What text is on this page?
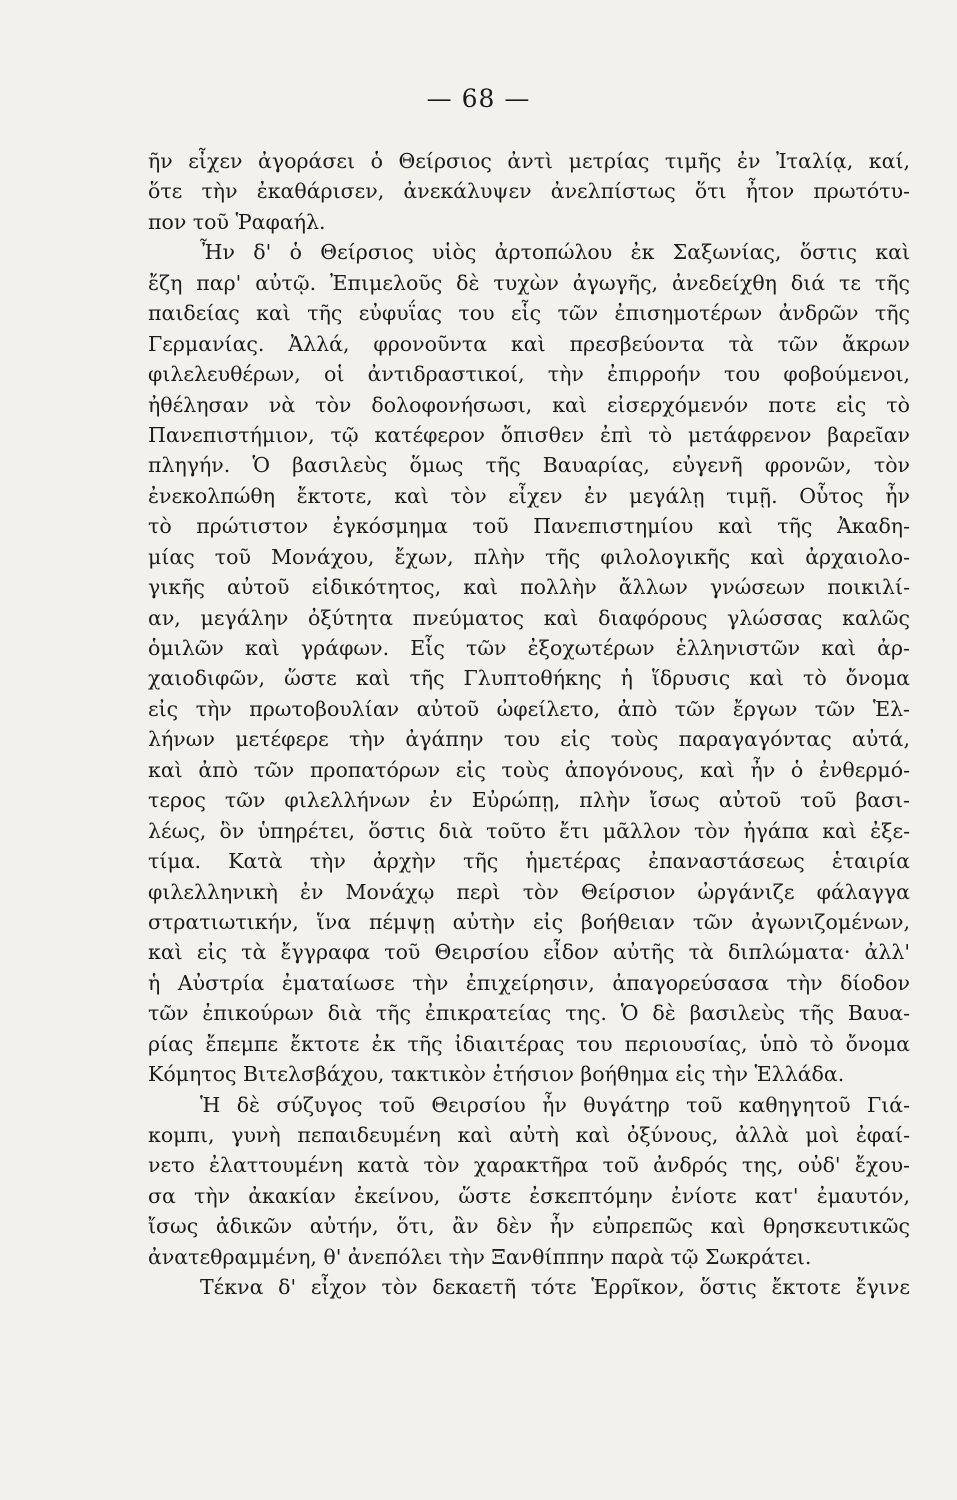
— 68 —
ῆν εἶχεν ἀγοράσει ὁ Θείρσιος ἀντὶ μετρίας τιμῆς ἐν Ἰταλίᾳ, καί,
ὅτε τὴν ἐκαθάρισεν, ἀνεκάλυψεν ἀνελπίστως ὅτι ἦτον πρωτότυ-
πον τοῦ Ῥαφαήλ.
Ἦν δ' ὁ Θείρσιος υἱὸς ἀρτοπώλου ἐκ Σαξωνίας, ὅστις καὶ
ἔζη παρ' αὐτῷ. Ἐπιμελοῦς δὲ τυχὼν ἀγωγῆς, ἀνεδείχθη διά τε τῆς
παιδείας καὶ τῆς εὐφυΐας του εἷς τῶν ἐπισημοτέρων ἀνδρῶν τῆς
Γερμανίας. Ἀλλά, φρονοῦντα καὶ πρεσβεύοντα τὰ τῶν ἄκρων
φιλελευθέρων, οἱ ἀντιδραστικοί, τὴν ἐπιρροήν του φοβούμενοι,
ἠθέλησαν νὰ τὸν δολοφονήσωσι, καὶ εἰσερχόμενόν ποτε εἰς τὸ
Πανεπιστήμιον, τῷ κατέφερον ὄπισθεν ἐπὶ τὸ μετάφρενον βαρεῖαν
πληγήν. Ὁ βασιλεὺς ὅμως τῆς Βαυαρίας, εὐγενῆ φρονῶν, τὸν
ἐνεκολπώθη ἔκτοτε, καὶ τὸν εἶχεν ἐν μεγάλῃ τιμῇ. Οὗτος ἦν
τὸ πρώτιστον ἐγκόσμημα τοῦ Πανεπιστημίου καὶ τῆς Ἀκαδη-
μίας τοῦ Μονάχου, ἔχων, πλὴν τῆς φιλολογικῆς καὶ ἀρχαιολο-
γικῆς αὐτοῦ εἰδικότητος, καὶ πολλὴν ἄλλων γνώσεων ποικιλί-
αν, μεγάλην ὀξύτητα πνεύματος καὶ διαφόρους γλώσσας καλῶς
ὁμιλῶν καὶ γράφων. Εἷς τῶν ἐξοχωτέρων ἑλληνιστῶν καὶ ἀρ-
χαιοδιφῶν, ὥστε καὶ τῆς Γλυπτοθήκης ἡ ἵδρυσις καὶ τὸ ὄνομα
εἰς τὴν πρωτοβουλίαν αὐτοῦ ὠφείλετο, ἀπὸ τῶν ἔργων τῶν Ἑλ-
λήνων μετέφερε τὴν ἀγάπην του εἰς τοὺς παραγαγόντας αὐτά,
καὶ ἀπὸ τῶν προπατόρων εἰς τοὺς ἀπογόνους, καὶ ἦν ὁ ἐνθερμό-
τερος τῶν φιλελλήνων ἐν Εὐρώπῃ, πλὴν ἴσως αὐτοῦ τοῦ βασι-
λέως, ὃν ὑπηρέτει, ὅστις διὰ τοῦτο ἔτι μᾶλλον τὸν ἠγάπα καὶ ἐξε-
τίμα. Κατὰ τὴν ἀρχὴν τῆς ἡμετέρας ἐπαναστάσεως ἑταιρία
φιλελληνικὴ ἐν Μονάχῳ περὶ τὸν Θείρσιον ὠργάνιζε φάλαγγα
στρατιωτικήν, ἵνα πέμψῃ αὐτὴν εἰς βοήθειαν τῶν ἀγωνιζομένων,
καὶ εἰς τὰ ἔγγραφα τοῦ Θειρσίου εἶδον αὐτῆς τὰ διπλώματα· ἀλλ'
ἡ Αὐστρία ἐματαίωσε τὴν ἐπιχείρησιν, ἀπαγορεύσασα τὴν δίοδον
τῶν ἐπικούρων διὰ τῆς ἐπικρατείας της. Ὁ δὲ βασιλεὺς τῆς Βαυα-
ρίας ἔπεμπε ἔκτοτε ἐκ τῆς ἰδιαιτέρας του περιουσίας, ὑπὸ τὸ ὄνομα
Κόμητος Βιτελσβάχου, τακτικὸν ἐτήσιον βοήθημα εἰς τὴν Ἑλλάδα.
Ἡ δὲ σύζυγος τοῦ Θειρσίου ἦν θυγάτηρ τοῦ καθηγητοῦ Γιά-
κομπι, γυνὴ πεπαιδευμένη καὶ αὐτὴ καὶ ὀξύνους, ἀλλὰ μοὶ ἐφαί-
νετο ἐλαττουμένη κατὰ τὸν χαρακτῆρα τοῦ ἀνδρός της, οὐδ' ἔχου-
σα τὴν ἀκακίαν ἐκείνου, ὥστε ἐσκεπτόμην ἐνίοτε κατ' ἐμαυτόν,
ἴσως ἀδικῶν αὐτήν, ὅτι, ἂν δὲν ἦν εὐπρεπῶς καὶ θρησκευτικῶς
ἀνατεθραμμένη, θ' ἀνεπόλει τὴν Ξανθίππην παρὰ τῷ Σωκράτει.
Τέκνα δ' εἶχον τὸν δεκαετῆ τότε Ἑρρῖκον, ὅστις ἔκτοτε ἔγινε
